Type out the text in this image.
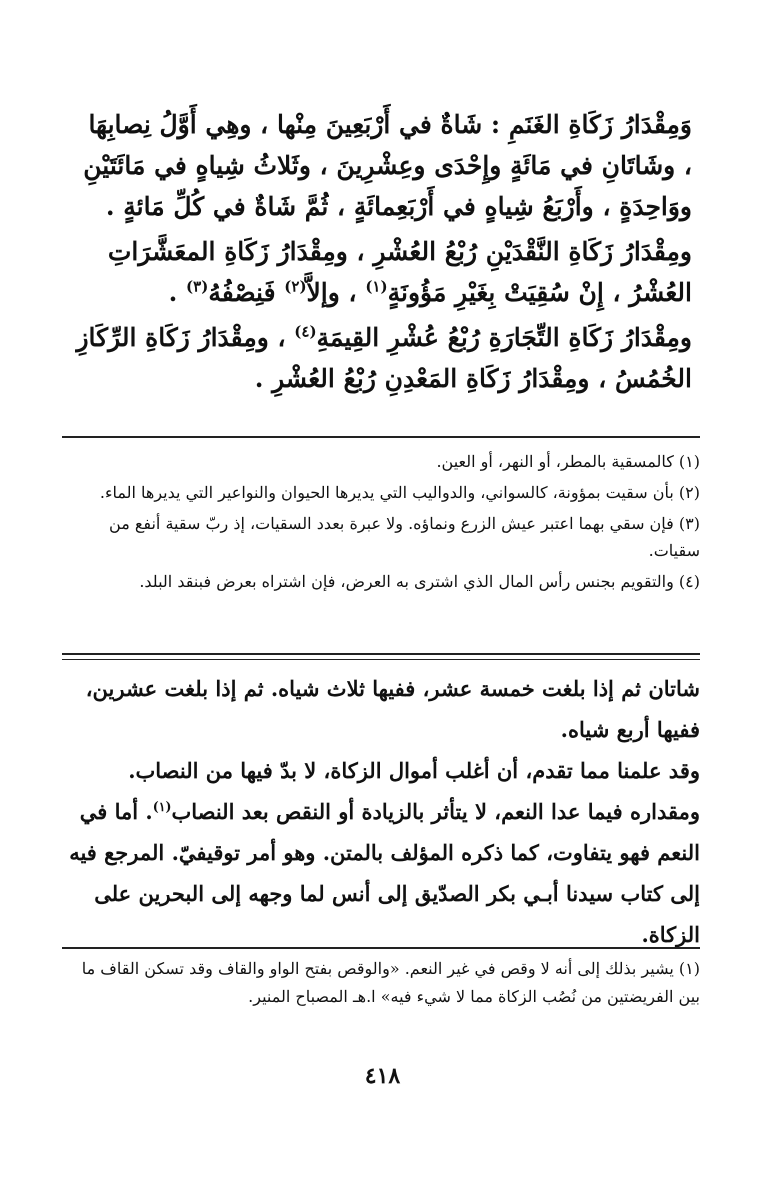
وَمِقْدَارُ زَكَاةِ الغَنَمِ : شَاةٌ في أَرْبَعِينَ مِنْها ، وهِي أَوَّلُ نِصابِهَا ، وشَاتَانِ في مَائَةٍ وإِحْدَى وعِشْرِينَ ، وثَلاثُ شِياهٍ في مَائَتَيْنِ ووَاحِدَةٍ ، وأَرْبَعُ شِياهٍ في أَرْبَعِمائَةٍ ، ثُمَّ شَاةٌ في كُلِّ مَائةٍ .

ومِقْدَارُ زَكَاةِ النَّقْدَيْنِ رُبْعُ العُشْرِ ، ومِقْدَارُ زَكَاةِ المعَشَّرَاتِ العُشْرُ ، إِنْ سُقِيَتْ بِغَيْرِ مَؤُونَةٍ$^{(١)}$ ، وإلاَّ$^{(٢)}$ فَنِصْفُهُ$^{(٣)}$ .

ومِقْدَارُ زَكَاةِ التِّجَارَةِ رُبْعُ عُشْرِ القِيمَةِ$^{(٤)}$ ، ومِقْدَارُ زَكَاةِ الرِّكَازِ الخُمُسُ ، ومِقْدَارُ زَكَاةِ المَعْدِنِ رُبْعُ العُشْرِ .

(١) كالمسقية بالمطر، أو النهر، أو العين.

(٢) بأن سقيت بمؤونة، كالسواني، والدواليب التي يديرها الحيوان والنواعير التي يديرها الماء.

(٣) فإن سقي بهما اعتبر عيش الزرع ونماؤه. ولا عبرة بعدد السقيات، إذ ربّ سقية أنفع من سقيات.

(٤) والتقويم بجنس رأس المال الذي اشترى به العرض، فإن اشتراه بعرض فبنقد البلد.

شاتان ثم إذا بلغت خمسة عشر، ففيها ثلاث شياه. ثم إذا بلغت عشرين، ففيها أربع شياه.

وقد علمنا مما تقدم، أن أغلب أموال الزكاة، لا بدّ فيها من النصاب. ومقداره فيما عدا النعم، لا يتأثر بالزيادة أو النقص بعد النصاب$^{(١)}$. أما في النعم فهو يتفاوت، كما ذكره المؤلف بالمتن. وهو أمر توقيفيّ. المرجع فيه إلى كتاب سيدنا أبـي بكر الصدّيق إلى أنس لما وجهه إلى البحرين على الزكاة.

(١) يشير بذلك إلى أنه لا وقص في غير النعم. «والوقص بفتح الواو والقاف وقد تسكن القاف ما بين الفريضتين من نُصُب الزكاة مما لا شيء فيه» ا.هـ المصباح المنير.

٤١٨
